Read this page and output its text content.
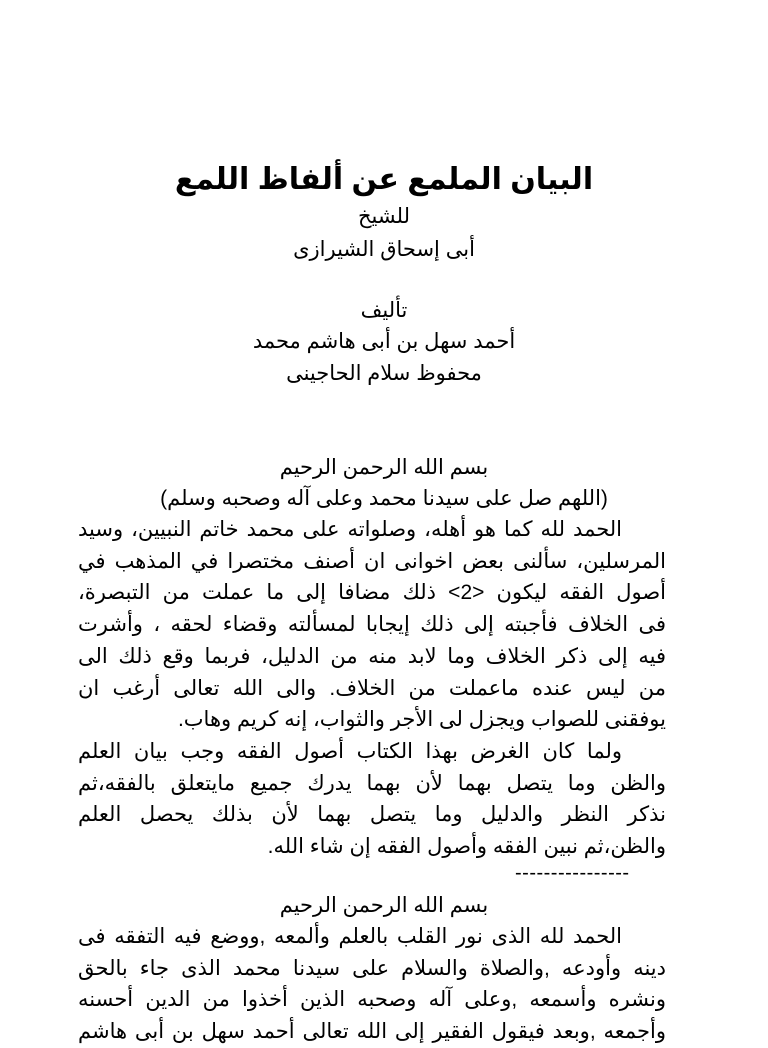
البيان الملمع عن ألفاظ اللمع
للشيخ
أبى إسحاق الشيرازى
تأليف
أحمد سهل بن أبى هاشم محمد
محفوظ سلام الحاجينى
بسم الله الرحمن الرحيم
(اللهم صل على سيدنا محمد وعلى آله وصحبه وسلم)
الحمد لله كما هو أهله، وصلواته على محمد خاتم النبيين، وسيد
المرسلين، سألنى بعض اخوانى ان أصنف مختصرا في المذهب في
أصول الفقه ليكون <2> ذلك مضافا إلى ما عملت من التبصرة،
فى الخلاف فأجبته إلى ذلك إيجابا لمسألته وقضاء لحقه ، وأشرت
فيه إلى ذكر الخلاف وما لابد منه من الدليل، فربما وقع ذلك الى
من ليس عنده ماعملت من الخلاف. والى الله تعالى أرغب ان
يوفقنى للصواب ويجزل لى الأجر والثواب، إنه كريم وهاب.
ولما كان الغرض بهذا الكتاب أصول الفقه وجب بيان العلم
والظن وما يتصل بهما لأن بهما يدرك جميع مايتعلق بالفقه،ثم
نذكر النظر والدليل وما يتصل بهما لأن بذلك يحصل العلم
والظن،ثم نبين الفقه وأصول الفقه إن شاء الله.
----------------
بسم الله الرحمن الرحيم
الحمد لله الذى نور القلب بالعلم وألمعه ,ووضع فيه التفقه فى
دينه وأودعه ,والصلاة والسلام على سيدنا محمد الذى جاء بالحق
ونشره وأسمعه ,وعلى آله وصحبه الذين أخذوا من الدين أحسنه
وأجمعه ,وبعد فيقول الفقير إلى الله تعالى أحمد سهل بن أبى هاشم
